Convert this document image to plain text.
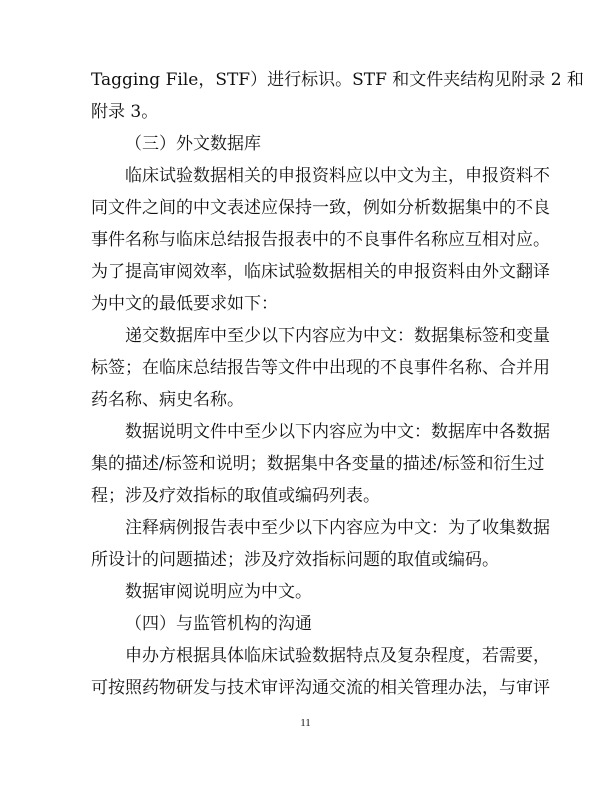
Tagging File，STF）进行标识。STF 和文件夹结构见附录 2 和
附录 3。
（三）外文数据库
临床试验数据相关的申报资料应以中文为主，申报资料不
同文件之间的中文表述应保持一致，例如分析数据集中的不良
事件名称与临床总结报告报表中的不良事件名称应互相对应。
为了提高审阅效率，临床试验数据相关的申报资料由外文翻译
为中文的最低要求如下：
递交数据库中至少以下内容应为中文：数据集标签和变量
标签；在临床总结报告等文件中出现的不良事件名称、合并用
药名称、病史名称。
数据说明文件中至少以下内容应为中文：数据库中各数据
集的描述/标签和说明；数据集中各变量的描述/标签和衍生过
程；涉及疗效指标的取值或编码列表。
注释病例报告表中至少以下内容应为中文：为了收集数据
所设计的问题描述；涉及疗效指标问题的取值或编码。
数据审阅说明应为中文。
（四）与监管机构的沟通
申办方根据具体临床试验数据特点及复杂程度，若需要，
可按照药物研发与技术审评沟通交流的相关管理办法，与审评
11
